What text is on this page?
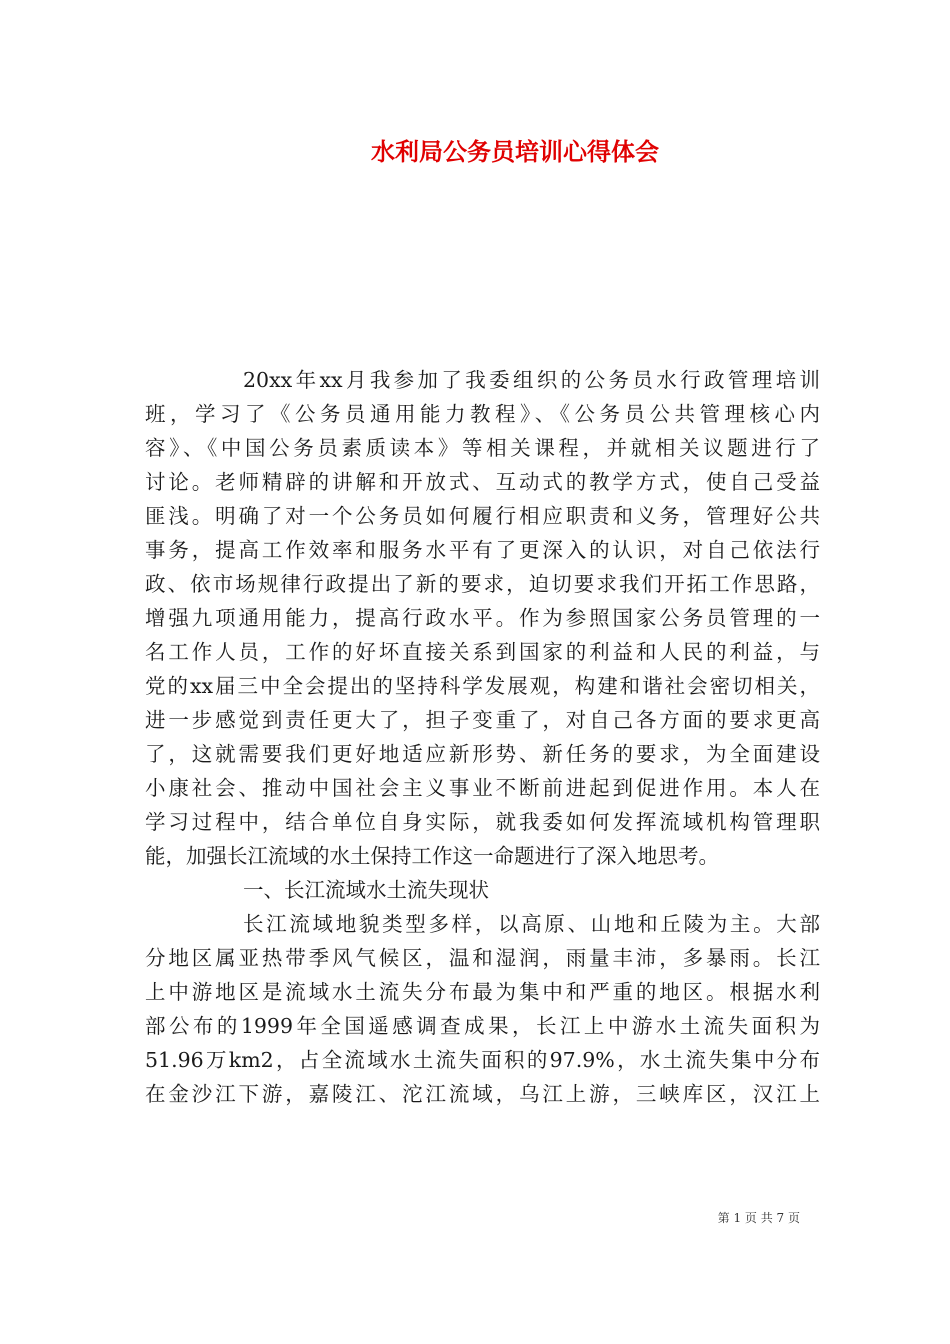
水利局公务员培训心得体会
20xx年xx月我参加了我委组织的公务员水行政管理培训
班，学习了《公务员通用能力教程》、《公务员公共管理核心内
容》、《中国公务员素质读本》等相关课程，并就相关议题进行了
讨论。老师精辟的讲解和开放式、互动式的教学方式，使自己受益
匪浅。明确了对一个公务员如何履行相应职责和义务，管理好公共
事务，提高工作效率和服务水平有了更深入的认识，对自己依法行
政、依市场规律行政提出了新的要求，迫切要求我们开拓工作思路，
增强九项通用能力，提高行政水平。作为参照国家公务员管理的一
名工作人员，工作的好坏直接关系到国家的利益和人民的利益，与
党的xx届三中全会提出的坚持科学发展观，构建和谐社会密切相关，
进一步感觉到责任更大了，担子变重了，对自己各方面的要求更高
了，这就需要我们更好地适应新形势、新任务的要求，为全面建设
小康社会、推动中国社会主义事业不断前进起到促进作用。本人在
学习过程中，结合单位自身实际，就我委如何发挥流域机构管理职
能，加强长江流域的水土保持工作这一命题进行了深入地思考。
一、长江流域水土流失现状
长江流域地貌类型多样，以高原、山地和丘陵为主。大部
分地区属亚热带季风气候区，温和湿润，雨量丰沛，多暴雨。长江
上中游地区是流域水土流失分布最为集中和严重的地区。根据水利
部公布的1999年全国遥感调查成果，长江上中游水土流失面积为
51.96万km2，占全流域水土流失面积的97.9%，水土流失集中分布
在金沙江下游，嘉陵江、沱江流域，乌江上游，三峡库区，汉江上
第 1 页 共 7 页
